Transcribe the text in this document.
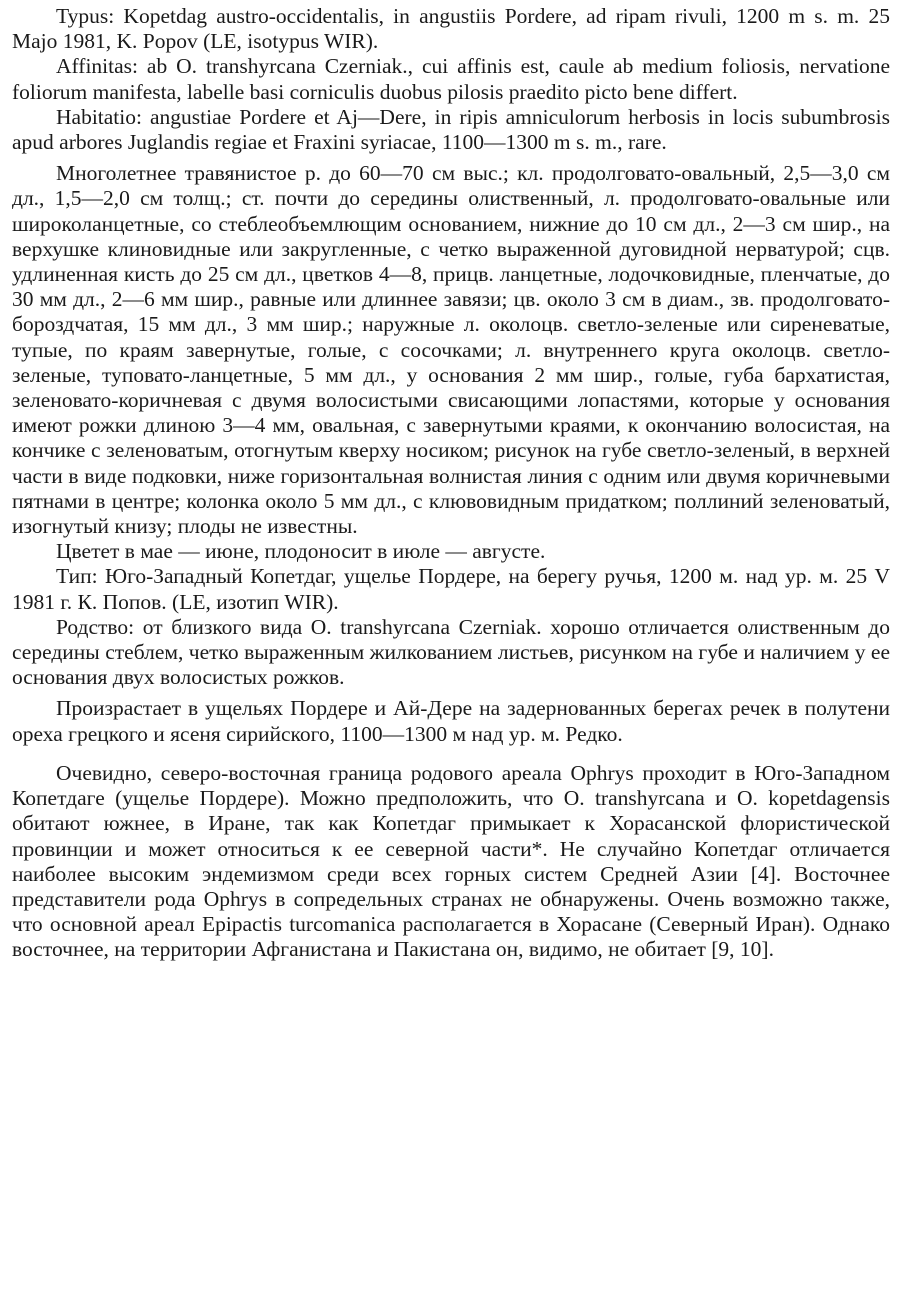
Typus: Kopetdag austro-occidentalis, in angustiis Pordere, ad ripam rivuli, 1200 m s. m. 25 Majo 1981, K. Popov (LE, isotypus WIR).

Affinitas: ab O. transhyrcana Czerniak., cui affinis est, caule ab medium foliosis, nervatione foliorum manifesta, labelle basi corniculis duobus pilosis praedito picto bene differt.

Habitatio: angustiae Pordere et Aj—Dere, in ripis amniculorum herbosis in locis subumbrosis apud arbores Juglandis regiae et Fraxini syriacae, 1100—1300 m s. m., rare.

Многолетнее травянистое р. до 60—70 см выс.; кл. продолговато-овальный, 2,5—3,0 см дл., 1,5—2,0 см толщ.; ст. почти до середины олиственный, л. продолговато-овальные или широколанцетные, со стеблеобъемлющим основанием, нижние до 10 см дл., 2—3 см шир., на верхушке клиновидные или закругленные, с четко выраженной дуговидной нерватурой; сцв. удлиненная кисть до 25 см дл., цветков 4—8, прицв. ланцетные, лодочковидные, пленчатые, до 30 мм дл., 2—6 мм шир., равные или длиннее завязи; цв. около 3 см в диам., зв. продолговато-бороздчатая, 15 мм дл., 3 мм шир.; наружные л. околоцв. светло-зеленые или сиреневатые, тупые, по краям завернутые, голые, с сосочками; л. внутреннего круга околоцв. светло-зеленые, туповато-ланцетные, 5 мм дл., у основания 2 мм шир., голые, губа бархатистая, зеленовато-коричневая с двумя волосистыми свисающими лопастями, которые у основания имеют рожки длиною 3—4 мм, овальная, с завернутыми краями, к окончанию волосистая, на кончике с зеленоватым, отогнутым кверху носиком; рисунок на губе светло-зеленый, в верхней части в виде подковки, ниже горизонтальная волнистая линия с одним или двумя коричневыми пятнами в центре; колонка около 5 мм дл., с клювовидным придатком; поллиний зеленоватый, изогнутый книзу; плоды не известны.

Цветет в мае — июне, плодоносит в июле — августе.

Тип: Юго-Западный Копетдаг, ущелье Пордере, на берегу ручья, 1200 м. над ур. м. 25 V 1981 г. К. Попов. (LE, изотип WIR).

Родство: от близкого вида O. transhyrcana Czerniak. хорошо отличается олиственным до середины стеблем, четко выраженным жилкованием листьев, рисунком на губе и наличием у ее основания двух волосистых рожков.

Произрастает в ущельях Пордере и Ай-Дере на задернованных берегах речек в полутени ореха грецкого и ясеня сирийского, 1100—1300 м над ур. м. Редко.

Очевидно, северо-восточная граница родового ареала Ophrys проходит в Юго-Западном Копетдаге (ущелье Пордере). Можно предположить, что O. transhyrcana и O. kopetdagensis обитают южнее, в Иране, так как Копетдаг примыкает к Хорасанской флористической провинции и может относиться к ее северной части*. Не случайно Копетдаг отличается наиболее высоким эндемизмом среди всех горных систем Средней Азии [4]. Восточнее представители рода Ophrys в сопредельных странах не обнаружены. Очень возможно также, что основной ареал Epipactis turcomanica располагается в Хорасане (Северный Иран). Однако восточнее, на территории Афганистана и Пакистана он, видимо, не обитает [9, 10].
